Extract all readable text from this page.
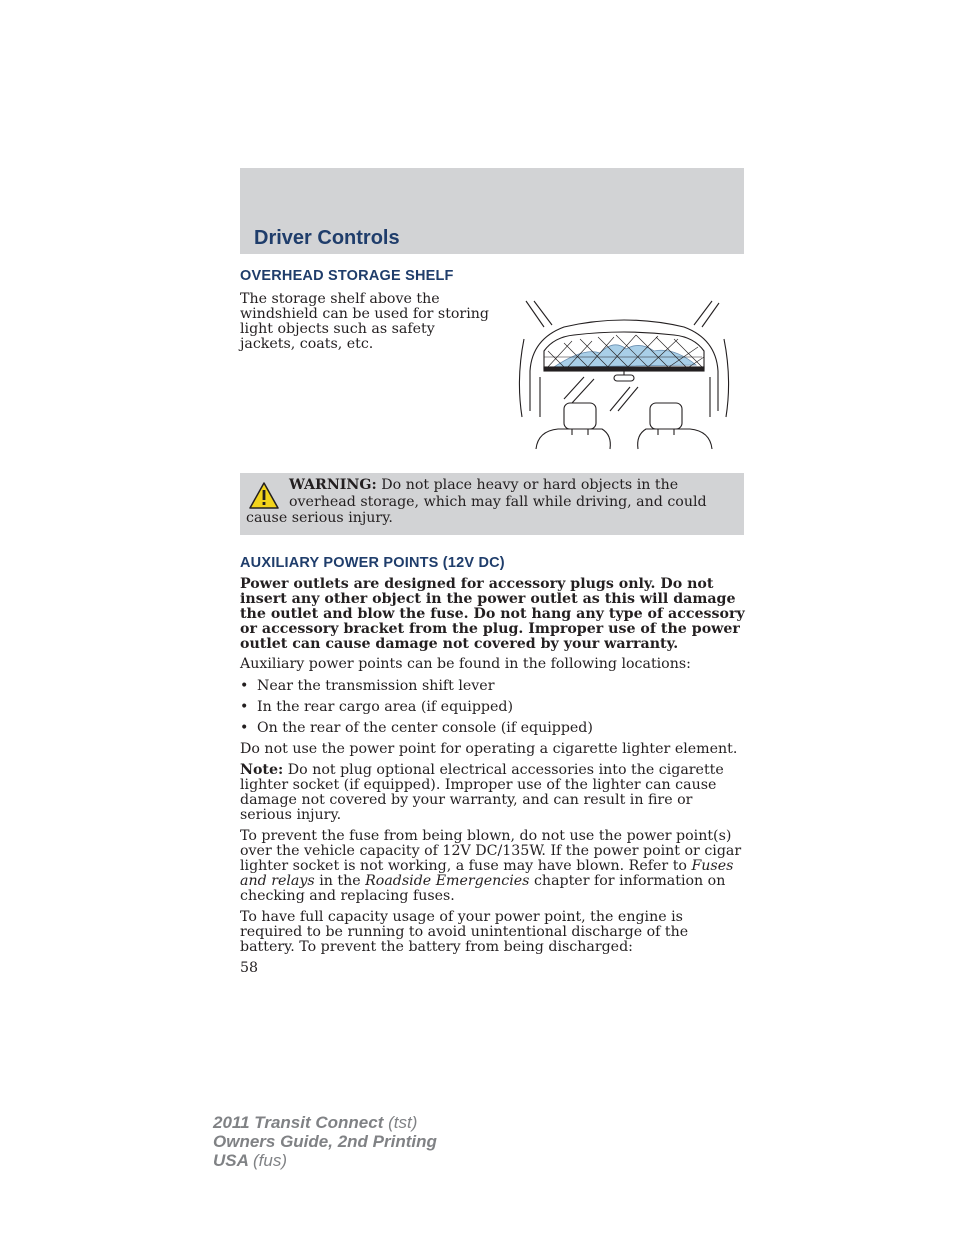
Driver Controls
OVERHEAD STORAGE SHELF

The storage shelf above the windshield can be used for storing light objects such as safety jackets, coats, etc.

WARNING: Do not place heavy or hard objects in the overhead storage, which may fall while driving, and could cause serious injury.

AUXILIARY POWER POINTS (12V DC)

Power outlets are designed for accessory plugs only. Do not insert any other object in the power outlet as this will damage the outlet and blow the fuse. Do not hang any type of accessory or accessory bracket from the plug. Improper use of the power outlet can cause damage not covered by your warranty.

Auxiliary power points can be found in the following locations:

• Near the transmission shift lever
• In the rear cargo area (if equipped)
• On the rear of the center console (if equipped)

Do not use the power point for operating a cigarette lighter element.

Note: Do not plug optional electrical accessories into the cigarette lighter socket (if equipped). Improper use of the lighter can cause damage not covered by your warranty, and can result in fire or serious injury.

To prevent the fuse from being blown, do not use the power point(s) over the vehicle capacity of 12V DC/135W. If the power point or cigar lighter socket is not working, a fuse may have blown. Refer to Fuses and relays in the Roadside Emergencies chapter for information on checking and replacing fuses.

To have full capacity usage of your power point, the engine is required to be running to avoid unintentional discharge of the battery. To prevent the battery from being discharged:

58
2011 Transit Connect (tst)
Owners Guide, 2nd Printing
USA (fus)
